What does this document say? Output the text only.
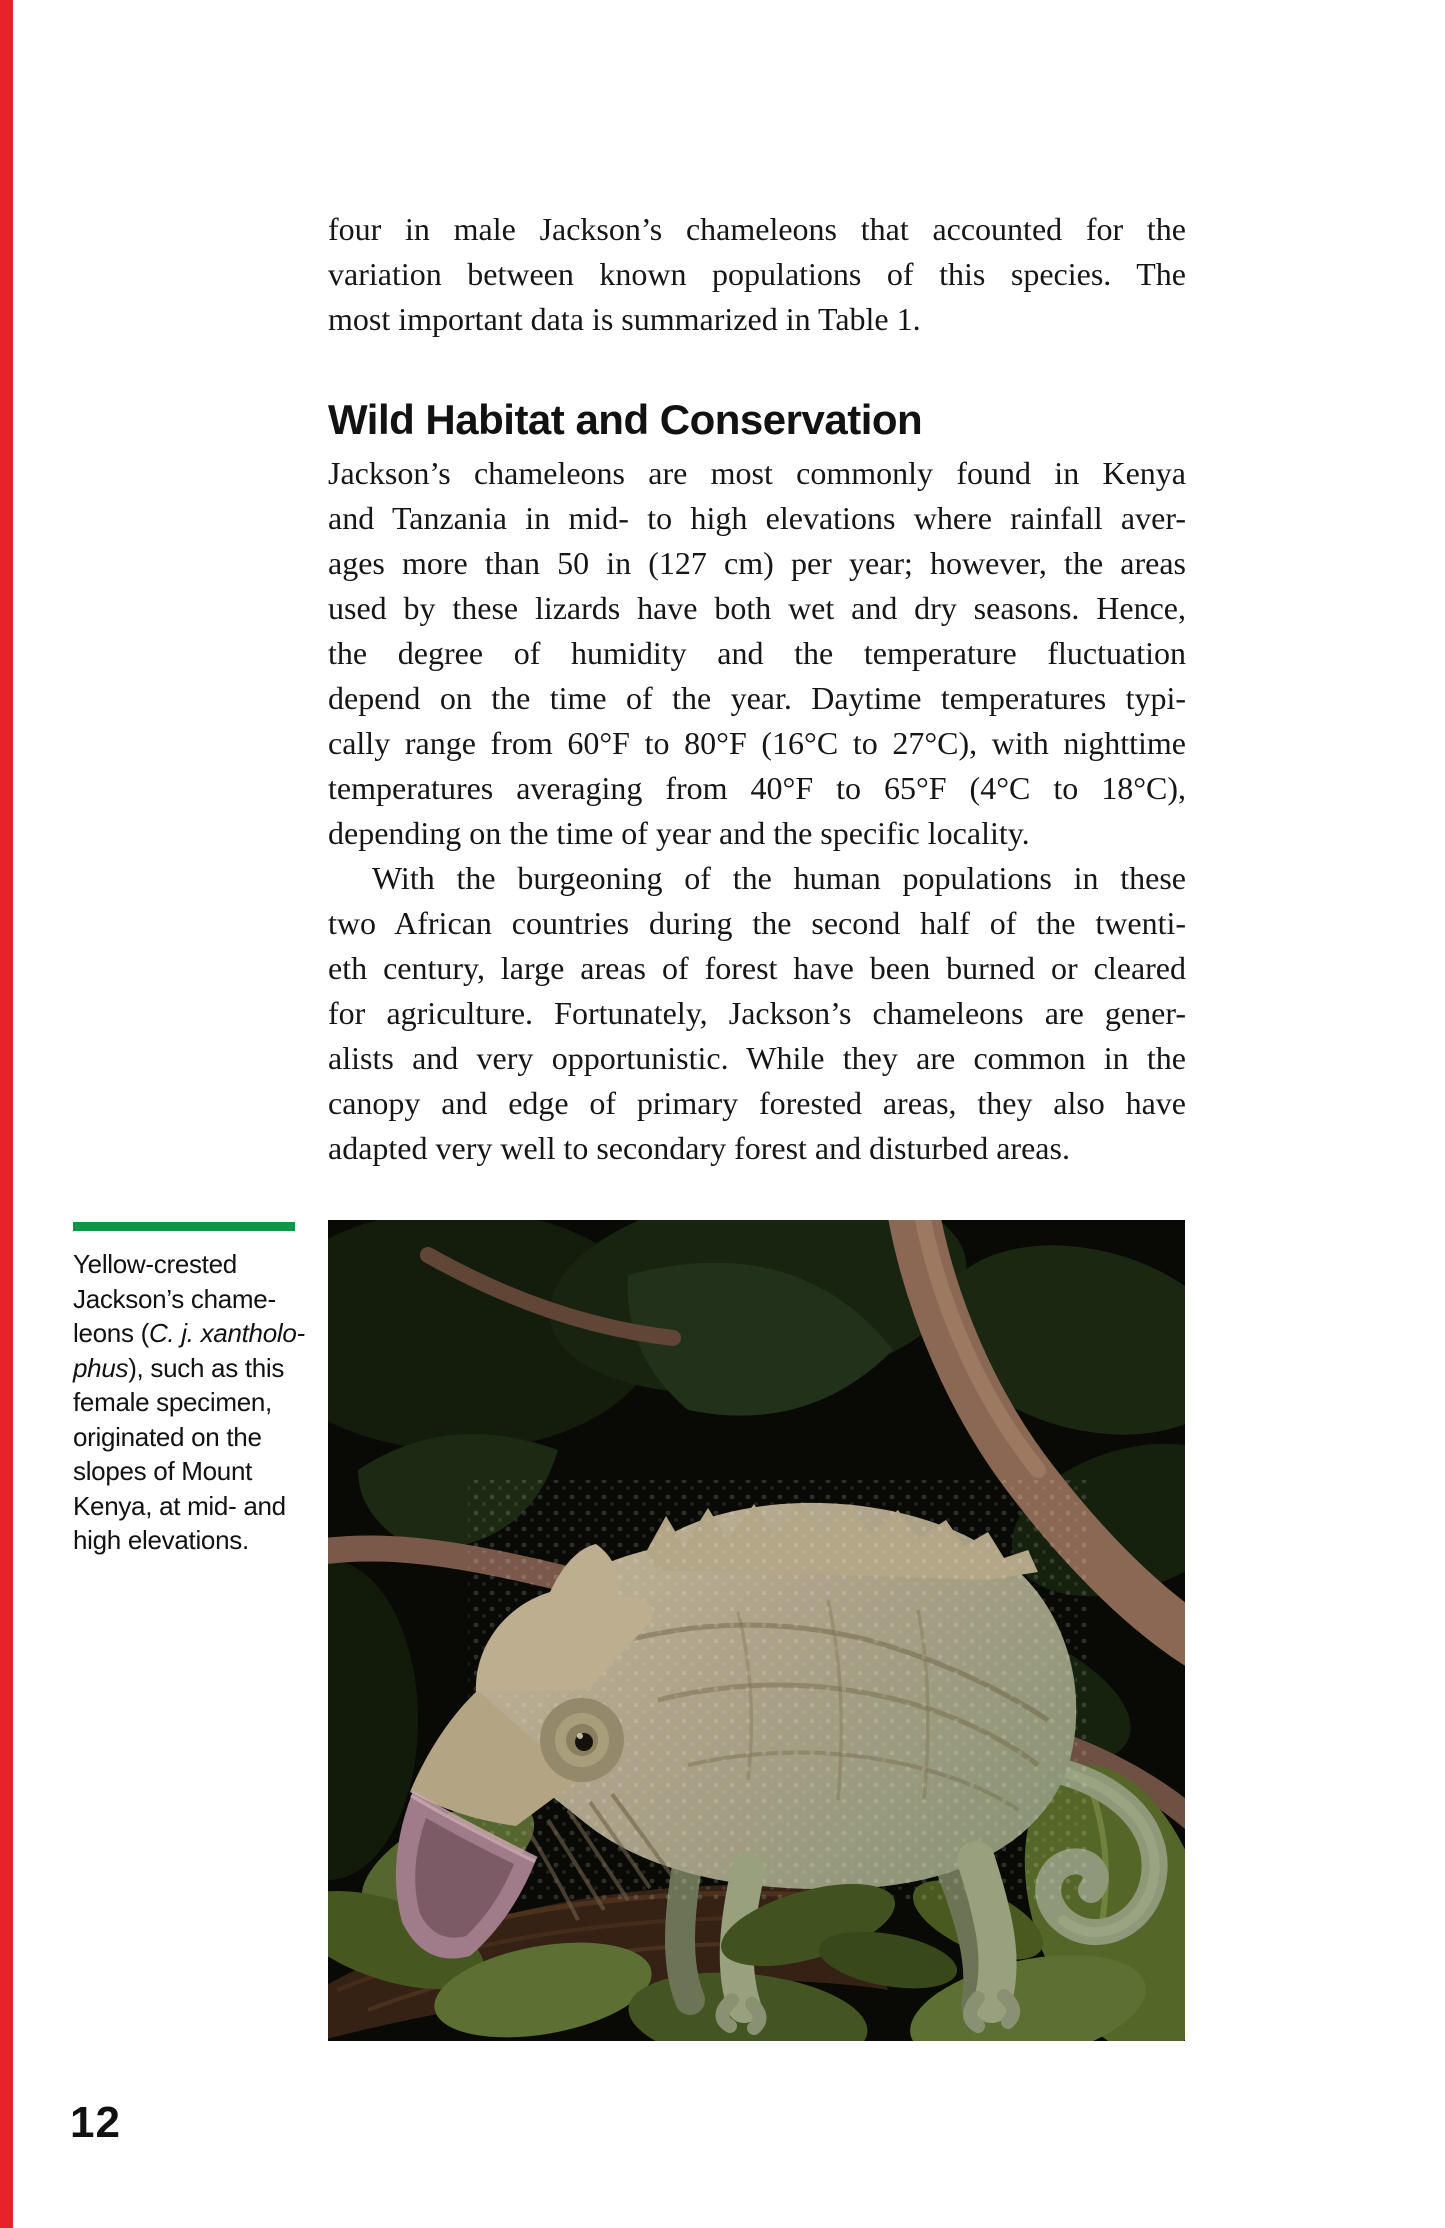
four in male Jackson’s chameleons that accounted for the
variation between known populations of this species. The
most important data is summarized in Table 1.

Wild Habitat and Conservation

Jackson’s chameleons are most commonly found in Kenya
and Tanzania in mid- to high elevations where rainfall aver-
ages more than 50 in (127 cm) per year; however, the areas
used by these lizards have both wet and dry seasons. Hence,
the degree of humidity and the temperature fluctuation
depend on the time of the year. Daytime temperatures typi-
cally range from 60°F to 80°F (16°C to 27°C), with nighttime
temperatures averaging from 40°F to 65°F (4°C to 18°C),
depending on the time of year and the specific locality.

With the burgeoning of the human populations in these
two African countries during the second half of the twenti-
eth century, large areas of forest have been burned or cleared
for agriculture. Fortunately, Jackson’s chameleons are gener-
alists and very opportunistic. While they are common in the
canopy and edge of primary forested areas, they also have
adapted very well to secondary forest and disturbed areas.

Yellow-crested
Jackson’s chame-
leons (C. j. xantholo-
phus), such as this
female specimen,
originated on the
slopes of Mount
Kenya, at mid- and
high elevations.
12
